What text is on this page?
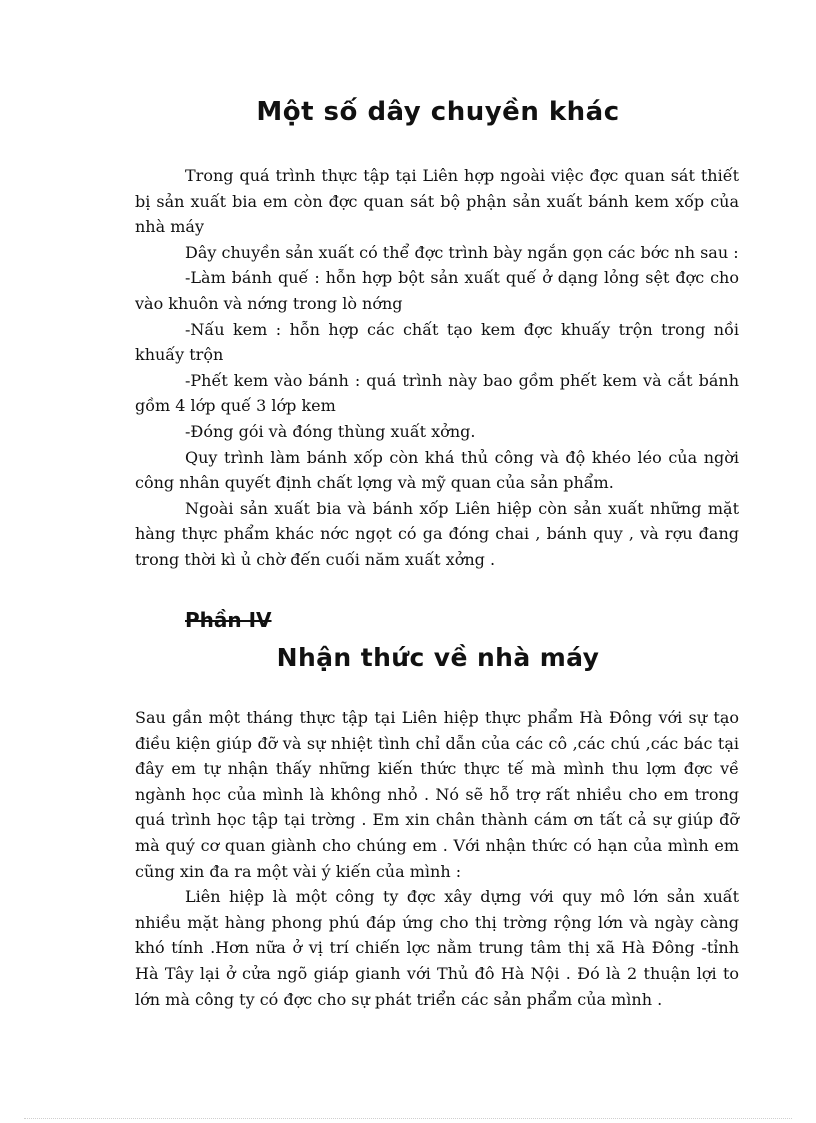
Một số dây chuyền khác

Trong quá trình thực tập tại Liên hợp ngoài việc đợc quan sát thiết bị sản xuất bia em còn đợc quan sát bộ phận sản xuất bánh kem xốp của nhà máy

Dây chuyền sản xuất có thể đợc trình bày ngắn gọn các bớc nh sau :

-Làm bánh quế : hỗn hợp bột sản xuất quế ở dạng lỏng sệt đợc cho vào khuôn và nớng trong lò nớng

-Nấu kem : hỗn hợp các chất tạo kem đợc khuấy trộn trong nồi khuấy trộn

-Phết kem vào bánh : quá trình này bao gồm phết kem và cắt bánh gồm 4 lớp quế 3 lớp kem

-Đóng gói và đóng thùng xuất xởng.

Quy trình làm bánh xốp còn khá thủ công và độ khéo léo của ngời công nhân quyết định chất lợng và mỹ quan của sản phẩm.

Ngoài sản xuất bia và bánh xốp Liên hiệp còn sản xuất những mặt hàng thực phẩm khác nớc ngọt có ga đóng chai , bánh quy , và rợu đang trong thời kì ủ chờ đến cuối năm xuất xởng .

Phần IV
Nhận thức về nhà máy

Sau gần một tháng thực tập tại Liên hiệp thực phẩm Hà Đông với sự tạo điều kiện giúp đỡ và sự nhiệt tình chỉ dẫn của các cô ,các chú ,các bác tại đây em tự nhận thấy những kiến thức thực tế mà mình thu lợm đợc về ngành học của mình là không nhỏ . Nó sẽ hỗ trợ rất nhiều cho em trong quá trình học tập tại trờng . Em xin chân thành cám ơn tất cả sự giúp đỡ mà quý cơ quan giành cho chúng em . Với nhận thức có hạn của mình em cũng xin đa ra một vài ý kiến của mình :

Liên hiệp là một công ty đợc xây dựng với quy mô lớn sản xuất nhiều mặt hàng phong phú đáp ứng cho thị trờng rộng lớn và ngày càng khó tính .Hơn nữa ở vị trí chiến lợc nằm trung tâm thị xã Hà Đông -tỉnh Hà Tây lại ở cửa ngõ giáp gianh với Thủ đô Hà Nội . Đó là 2 thuận lợi to lớn mà công ty có đợc cho sự phát triển các sản phẩm của mình .
